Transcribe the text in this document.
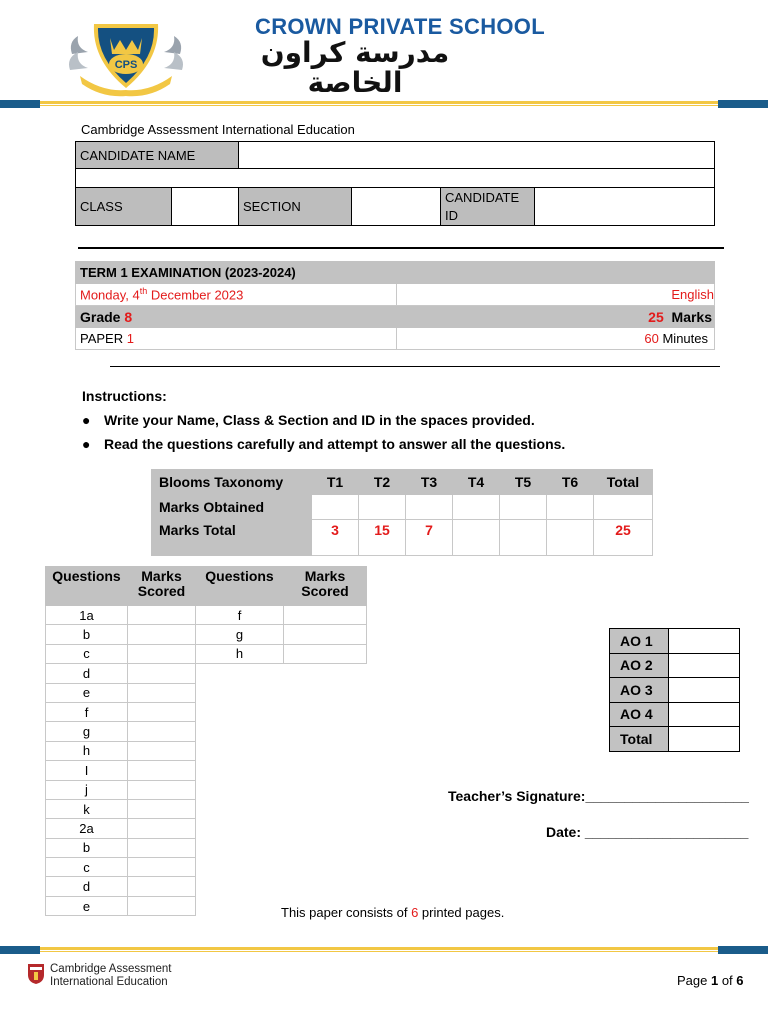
CPS
CROWN PRIVATE SCHOOL
مدرسة كراون الخاصة
Cambridge Assessment International Education
CANDIDATE NAME					

CLASS		SECTION		CANDIDATE
ID	
TERM 1 EXAMINATION (2023-2024)	
Monday, 4th December 2023	English
Grade 8	25 Marks
PAPER 1	60 Minutes
Instructions:
● Write your Name, Class & Section and ID in the spaces provided.
● Read the questions carefully and attempt to answer all the questions.
Blooms Taxonomy	T1	T2	T3	T4	T5	T6	Total
Marks Obtained							
Marks Total	3	15	7				25
Questions	Marks Scored	Questions	Marks Scored
1a		f	
b		g	
c		h	
d			
e			
f			
g			
h			
I			
j			
k			
2a			
b			
c			
d			
e			
AO 1	
AO 2	
AO 3	
AO 4	
Total	
Teacher’s Signature:_____________________
Date: _____________________
This paper consists of 6 printed pages.
Cambridge Assessment
International Education	Page 1 of 6
